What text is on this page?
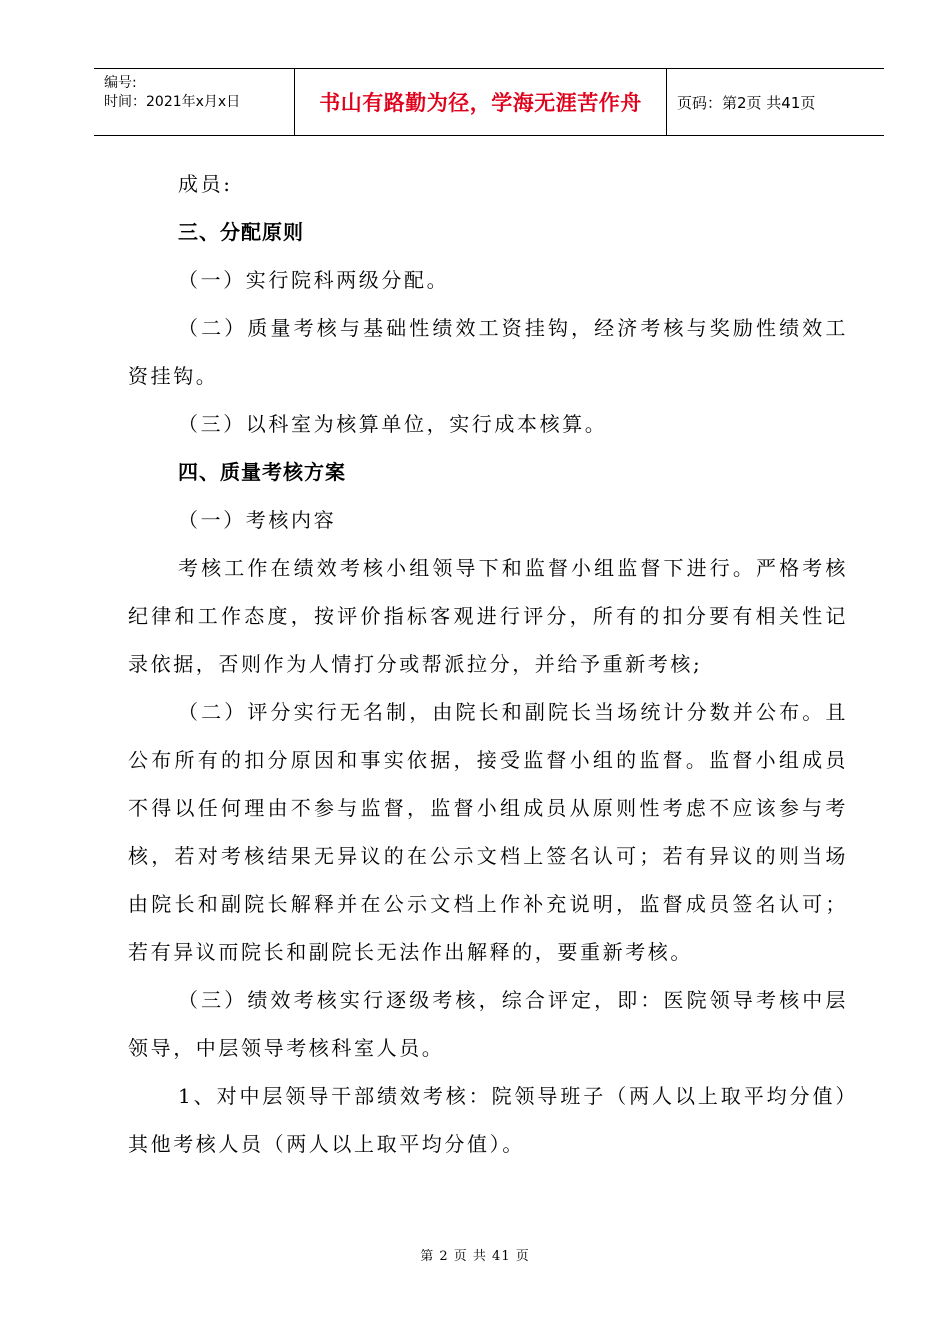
编号:
时间：2021年x月x日	书山有路勤为径，学海无涯苦作舟 页码：第2页 共41页

成员:

三、分配原则

（一）实行院科两级分配。

（二）质量考核与基础性绩效工资挂钩，经济考核与奖励性绩效工资挂钩。

（三）以科室为核算单位，实行成本核算。

四、质量考核方案

（一）考核内容

考核工作在绩效考核小组领导下和监督小组监督下进行。严格考核纪律和工作态度，按评价指标客观进行评分，所有的扣分要有相关性记录依据，否则作为人情打分或帮派拉分，并给予重新考核;

（二）评分实行无名制，由院长和副院长当场统计分数并公布。且公布所有的扣分原因和事实依据，接受监督小组的监督。监督小组成员不得以任何理由不参与监督，监督小组成员从原则性考虑不应该参与考核，若对考核结果无异议的在公示文档上签名认可；若有异议的则当场由院长和副院长解释并在公示文档上作补充说明，监督成员签名认可；若有异议而院长和副院长无法作出解释的，要重新考核。

（三）绩效考核实行逐级考核，综合评定，即：医院领导考核中层领导，中层领导考核科室人员。

1、对中层领导干部绩效考核：院领导班子（两人以上取平均分值）其他考核人员（两人以上取平均分值）。

第 2 页 共 41 页
